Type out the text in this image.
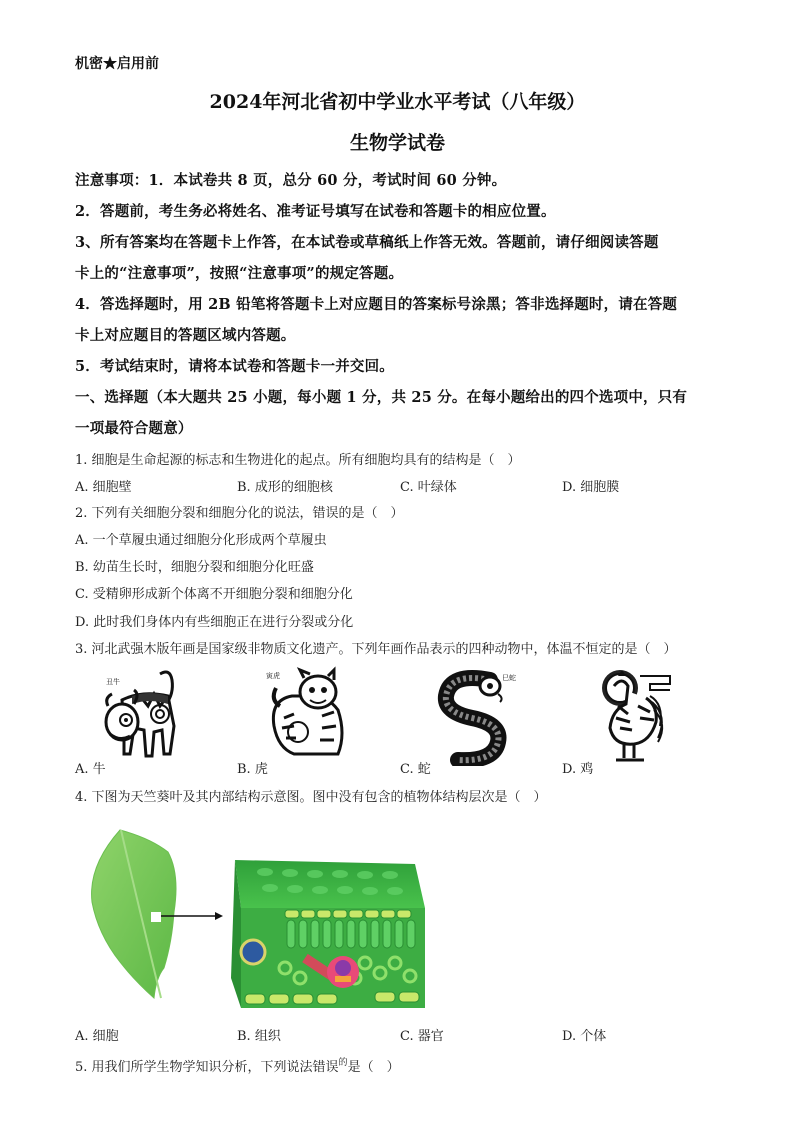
机密★启用前
2024年河北省初中学业水平考试（八年级）
生物学试卷
注意事项：1．本试卷共 8 页，总分 60 分，考试时间 60 分钟。
2．答题前，考生务必将姓名、准考证号填写在试卷和答题卡的相应位置。
3、所有答案均在答题卡上作答，在本试卷或草稿纸上作答无效。答题前，请仔细阅读答题
卡上的“注意事项”，按照“注意事项”的规定答题。
4．答选择题时，用 2B 铅笔将答题卡上对应题目的答案标号涂黑；答非选择题时，请在答题
卡上对应题目的答题区域内答题。
5．考试结束时，请将本试卷和答题卡一并交回。
一、选择题（本大题共 25 小题，每小题 1 分，共 25 分。在每小题给出的四个选项中，只有
一项最符合题意）
1. 细胞是生命起源的标志和生物进化的起点。所有细胞均具有的结构是（　）
A. 细胞壁	B. 成形的细胞核	C. 叶绿体	D. 细胞膜
2. 下列有关细胞分裂和细胞分化的说法，错误的是（　）
A. 一个草履虫通过细胞分化形成两个草履虫
B. 幼苗生长时，细胞分裂和细胞分化旺盛
C. 受精卵形成新个体离不开细胞分裂和细胞分化
D. 此时我们身体内有些细胞正在进行分裂或分化
3. 河北武强木版年画是国家级非物质文化遗产。下列年画作品表示的四种动物中，体温不恒定的是（　）
丑牛
寅虎	巳蛇
A. 牛	B. 虎	C. 蛇	D. 鸡
4. 下图为天竺葵叶及其内部结构示意图。图中没有包含的植物体结构层次是（　）
A. 细胞	B. 组织	C. 器官	D. 个体
5. 用我们所学生物学知识分析，下列说法错误$^的$是（　）
